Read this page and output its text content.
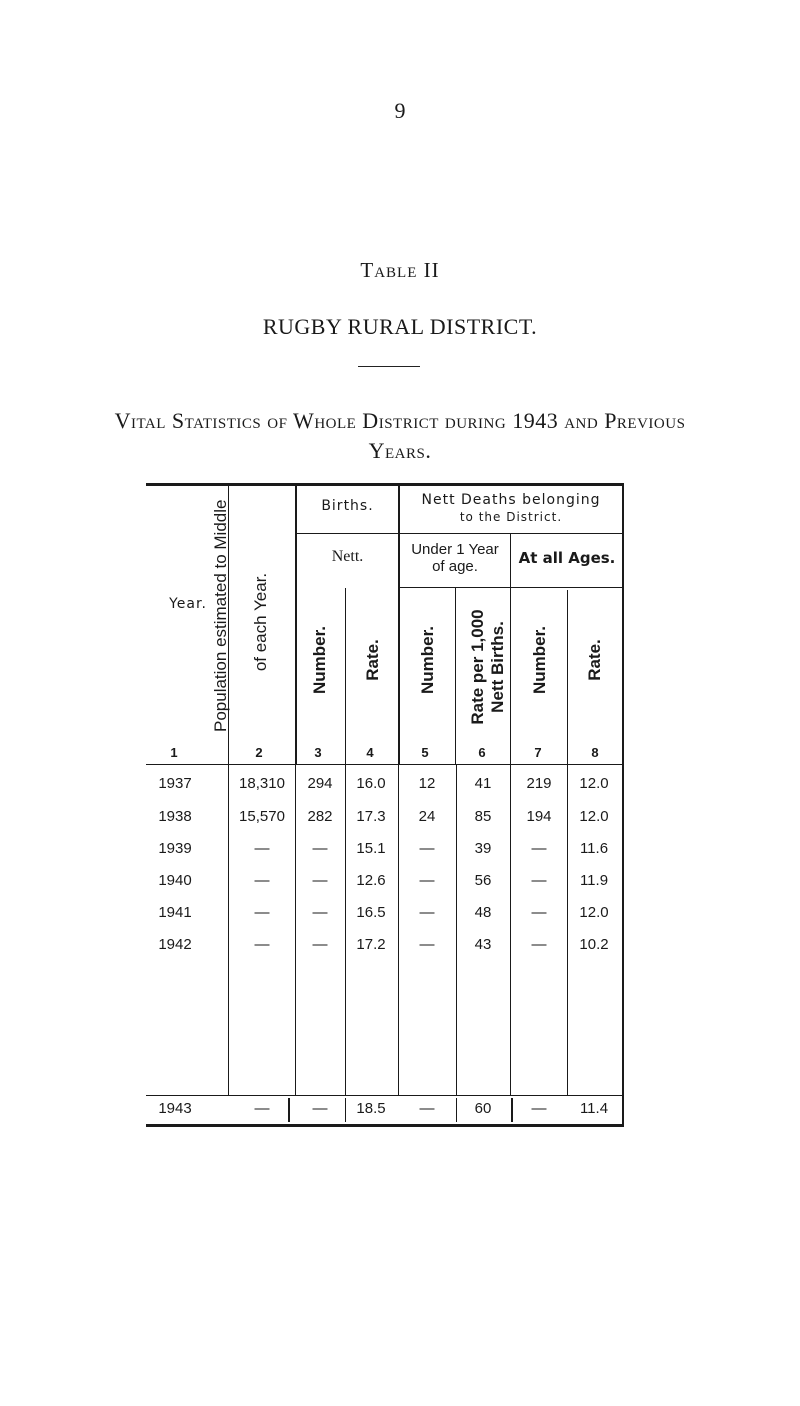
9
Table II
RUGBY RURAL DISTRICT.
Vital Statistics of Whole District during 1943 and Previous
Years.
Year. Population estimated to Middle of each Year.
Births.	Nett Deaths belonging
to the District.
Nett.	Under 1 Year
of age.	At all Ages.
Number. Rate. Number. Rate per 1,000 Nett Births. Number. Rate.
1	2	3	4	5	6	7	8
1937	18,310	294	16.0	12	41	219	12.0
1938	15,570	282	17.3	24	85	194	12.0
1939	—	—	15.1	—	39	—	11.6
1940	—	—	12.6	—	56	—	11.9
1941	—	—	16.5	—	48	—	12.0
1942	—	—	17.2	—	43	—	10.2
1943	—	—	18.5	—	60	—	11.4
